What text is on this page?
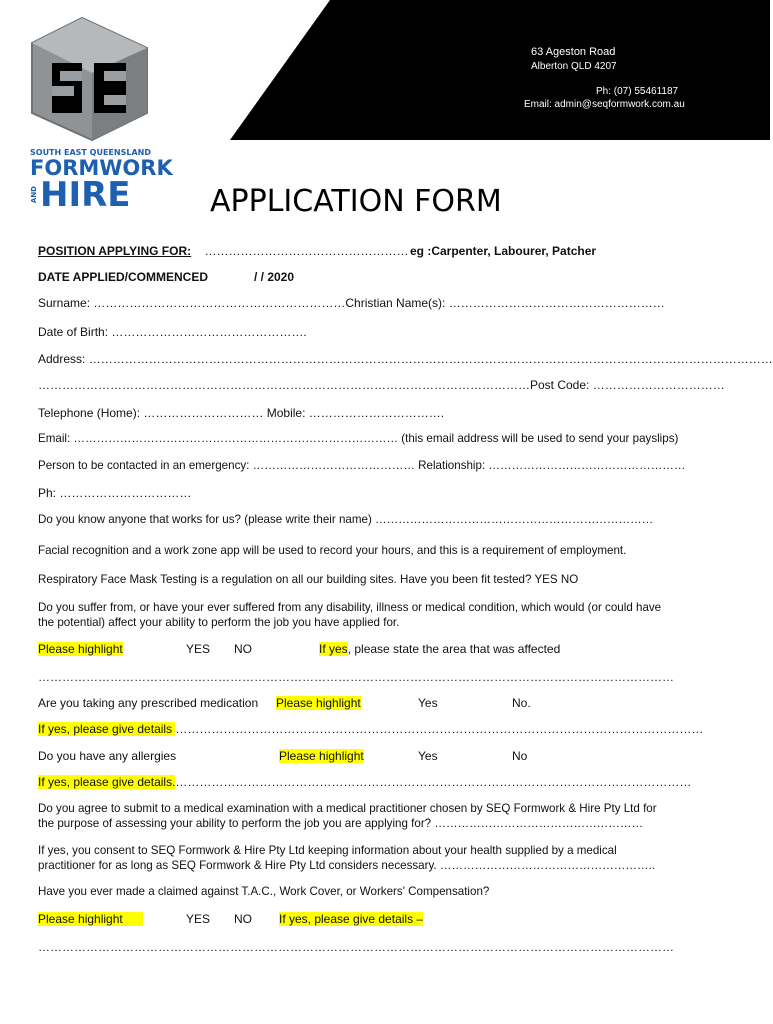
A.B.N. 62 169 057 649	63 Ageston Road
Alberton QLD 4207
Ph: (07) 55461187
Email: admin@seqformwork.com.au
SOUTH EAST QUEENSLAND
FORMWORK
AND HIRE	APPLICATION FORM
POSITION APPLYING FOR: …………………………………………… eg :Carpenter, Labourer, Patcher
DATE APPLIED/COMMENCED	/ / 2020
Surname: ………………………………………………………Christian Name(s): ………………………………………………
Date of Birth: ………………………………………….
Address: ………………………………………………………………………………………………………………………………………………………
……………………………………………………………………………………………………………Post Code: ……………………………
Telephone (Home): ………………………… Mobile: …………………………….
Email: ………………………………………………………………………… (this email address will be used to send your payslips)
Person to be contacted in an emergency: …………………………………… Relationship: ……………………………………………
Ph: ……………………………
Do you know anyone that works for us? (please write their name) ………………………………………………………………
Facial recognition and a work zone app will be used to record your hours, and this is a requirement of employment.
Respiratory Face Mask Testing is a regulation on all our building sites. Have you been fit tested? YES NO
Do you suffer from, or have your ever suffered from any disability, illness or medical condition, which would (or could have
the potential) affect your ability to perform the job you have applied for.
Please highlight	YES NO	If yes, please state the area that was affected
……………………………………………………………………………………………………………………………………………
Are you taking any prescribed medication Please highlight	Yes	No.
If yes, please give details ……………………………………………………………………………………………………………………
Do you have any allergies	Please highlight	Yes	No
If yes, please give details.…………………………………………………………………………………………………………………
Do you agree to submit to a medical examination with a medical practitioner chosen by SEQ Formwork & Hire Pty Ltd for
the purpose of assessing your ability to perform the job you are applying for? ………………………………………………
If yes, you consent to SEQ Formwork & Hire Pty Ltd keeping information about your health supplied by a medical
practitioner for as long as SEQ Formwork & Hire Pty Ltd considers necessary. ………………………………………………..
Have you ever made a claimed against T.A.C., Work Cover, or Workers' Compensation?
Please highlight	YES NO If yes, please give details –
……………………………………………………………………………………………………………………………………………
